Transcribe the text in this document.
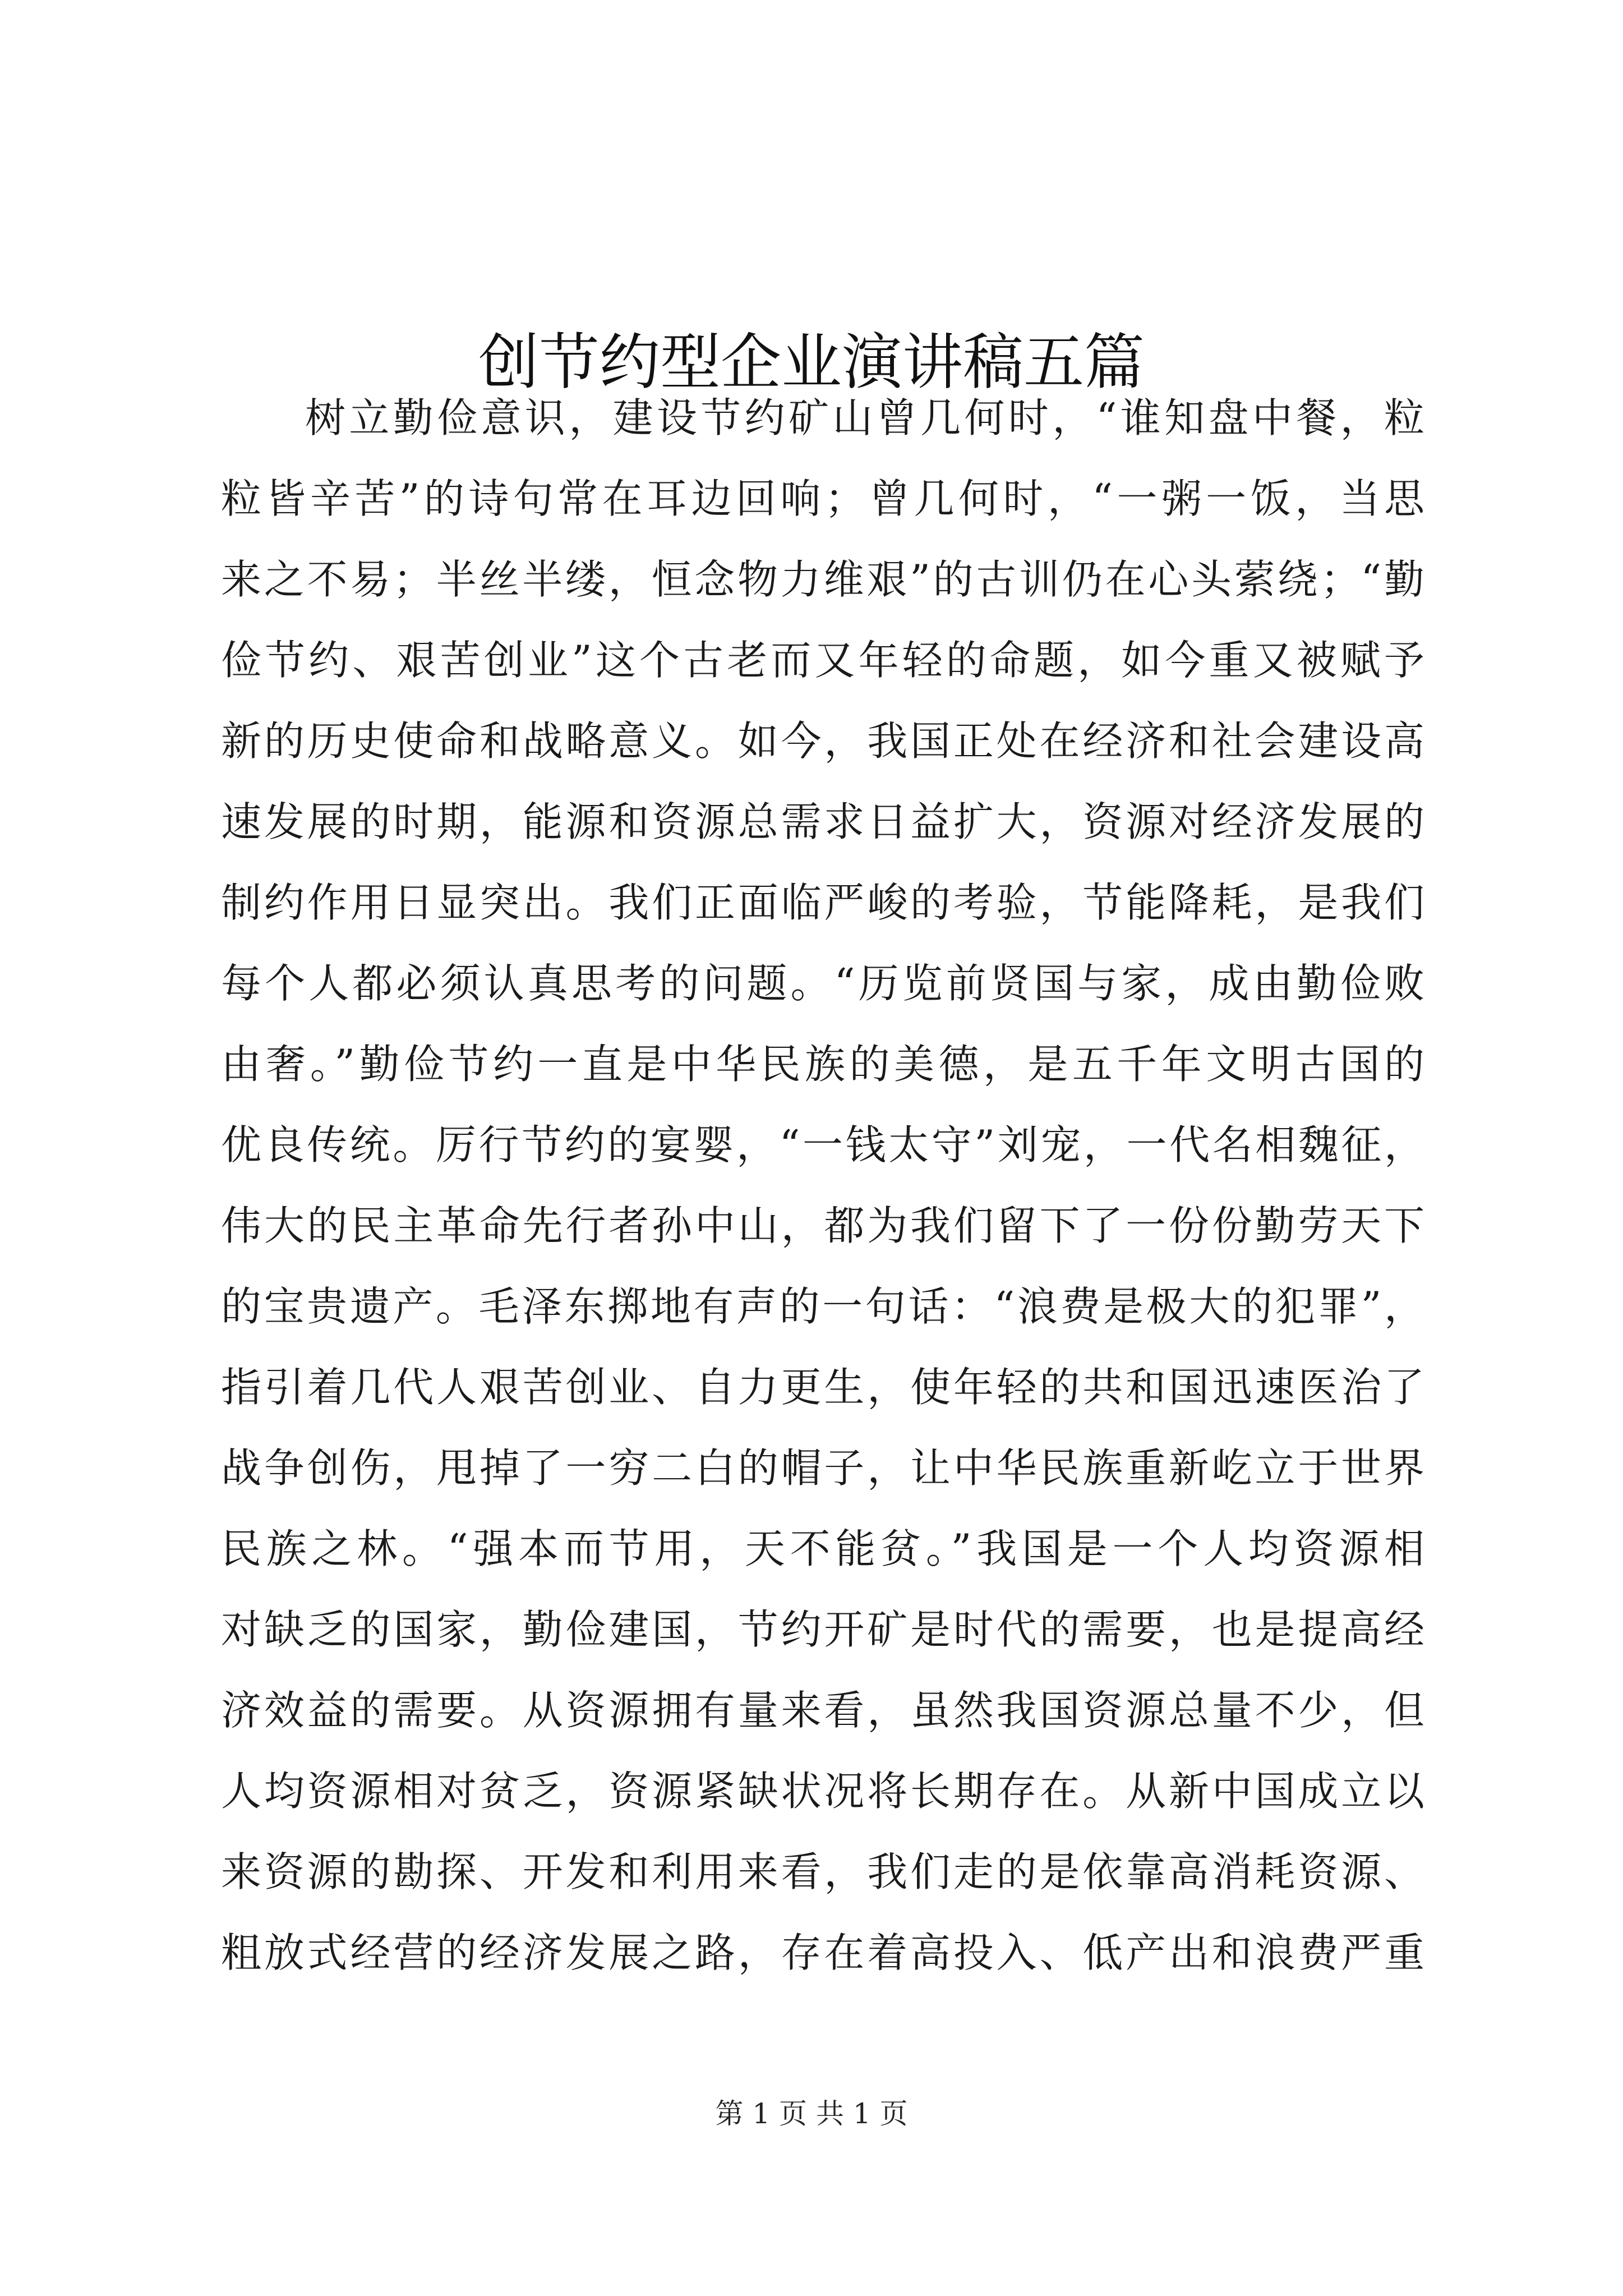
创节约型企业演讲稿五篇
树立勤俭意识，建设节约矿山曾几何时，“谁知盘中餐，粒
粒皆辛苦”的诗句常在耳边回响；曾几何时，“一粥一饭，当思
来之不易；半丝半缕，恒念物力维艰”的古训仍在心头萦绕；“勤
俭节约、艰苦创业”这个古老而又年轻的命题，如今重又被赋予
新的历史使命和战略意义。如今，我国正处在经济和社会建设高
速发展的时期，能源和资源总需求日益扩大，资源对经济发展的
制约作用日显突出。我们正面临严峻的考验，节能降耗，是我们
每个人都必须认真思考的问题。“历览前贤国与家，成由勤俭败
由奢。”勤俭节约一直是中华民族的美德，是五千年文明古国的
优良传统。厉行节约的宴婴，“一钱太守”刘宠，一代名相魏征，
伟大的民主革命先行者孙中山，都为我们留下了一份份勤劳天下
的宝贵遗产。毛泽东掷地有声的一句话：“浪费是极大的犯罪”，
指引着几代人艰苦创业、自力更生，使年轻的共和国迅速医治了
战争创伤，甩掉了一穷二白的帽子，让中华民族重新屹立于世界
民族之林。“强本而节用，天不能贫。”我国是一个人均资源相
对缺乏的国家，勤俭建国，节约开矿是时代的需要，也是提高经
济效益的需要。从资源拥有量来看，虽然我国资源总量不少，但
人均资源相对贫乏，资源紧缺状况将长期存在。从新中国成立以
来资源的勘探、开发和利用来看，我们走的是依靠高消耗资源、
粗放式经营的经济发展之路，存在着高投入、低产出和浪费严重
第 1 页 共 1 页
